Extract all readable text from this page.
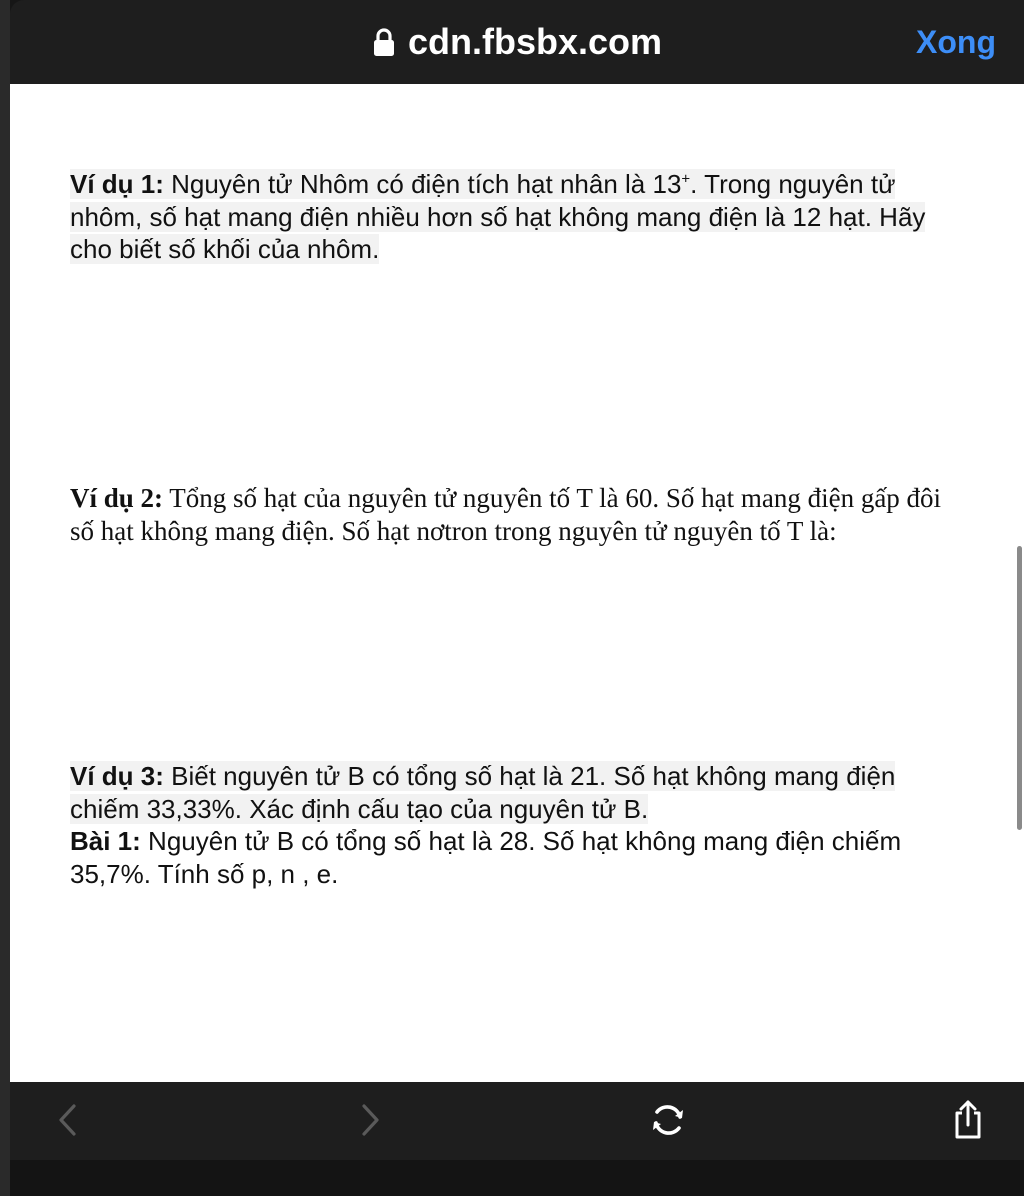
cdn.fbsbx.com	Xong
Ví dụ 1: Nguyên tử Nhôm có điện tích hạt nhân là 13+. Trong nguyên tử nhôm, số hạt mang điện nhiều hơn số hạt không mang điện là 12 hạt. Hãy cho biết số khối của nhôm.
Ví dụ 2: Tổng số hạt của nguyên tử nguyên tố T là 60. Số hạt mang điện gấp đôi số hạt không mang điện. Số hạt nơtron trong nguyên tử nguyên tố T là:
Ví dụ 3: Biết nguyên tử B có tổng số hạt là 21. Số hạt không mang điện chiếm 33,33%. Xác định cấu tạo của nguyên tử B.
Bài 1: Nguyên tử B có tổng số hạt là 28. Số hạt không mang điện chiếm 35,7%. Tính số p, n , e.
